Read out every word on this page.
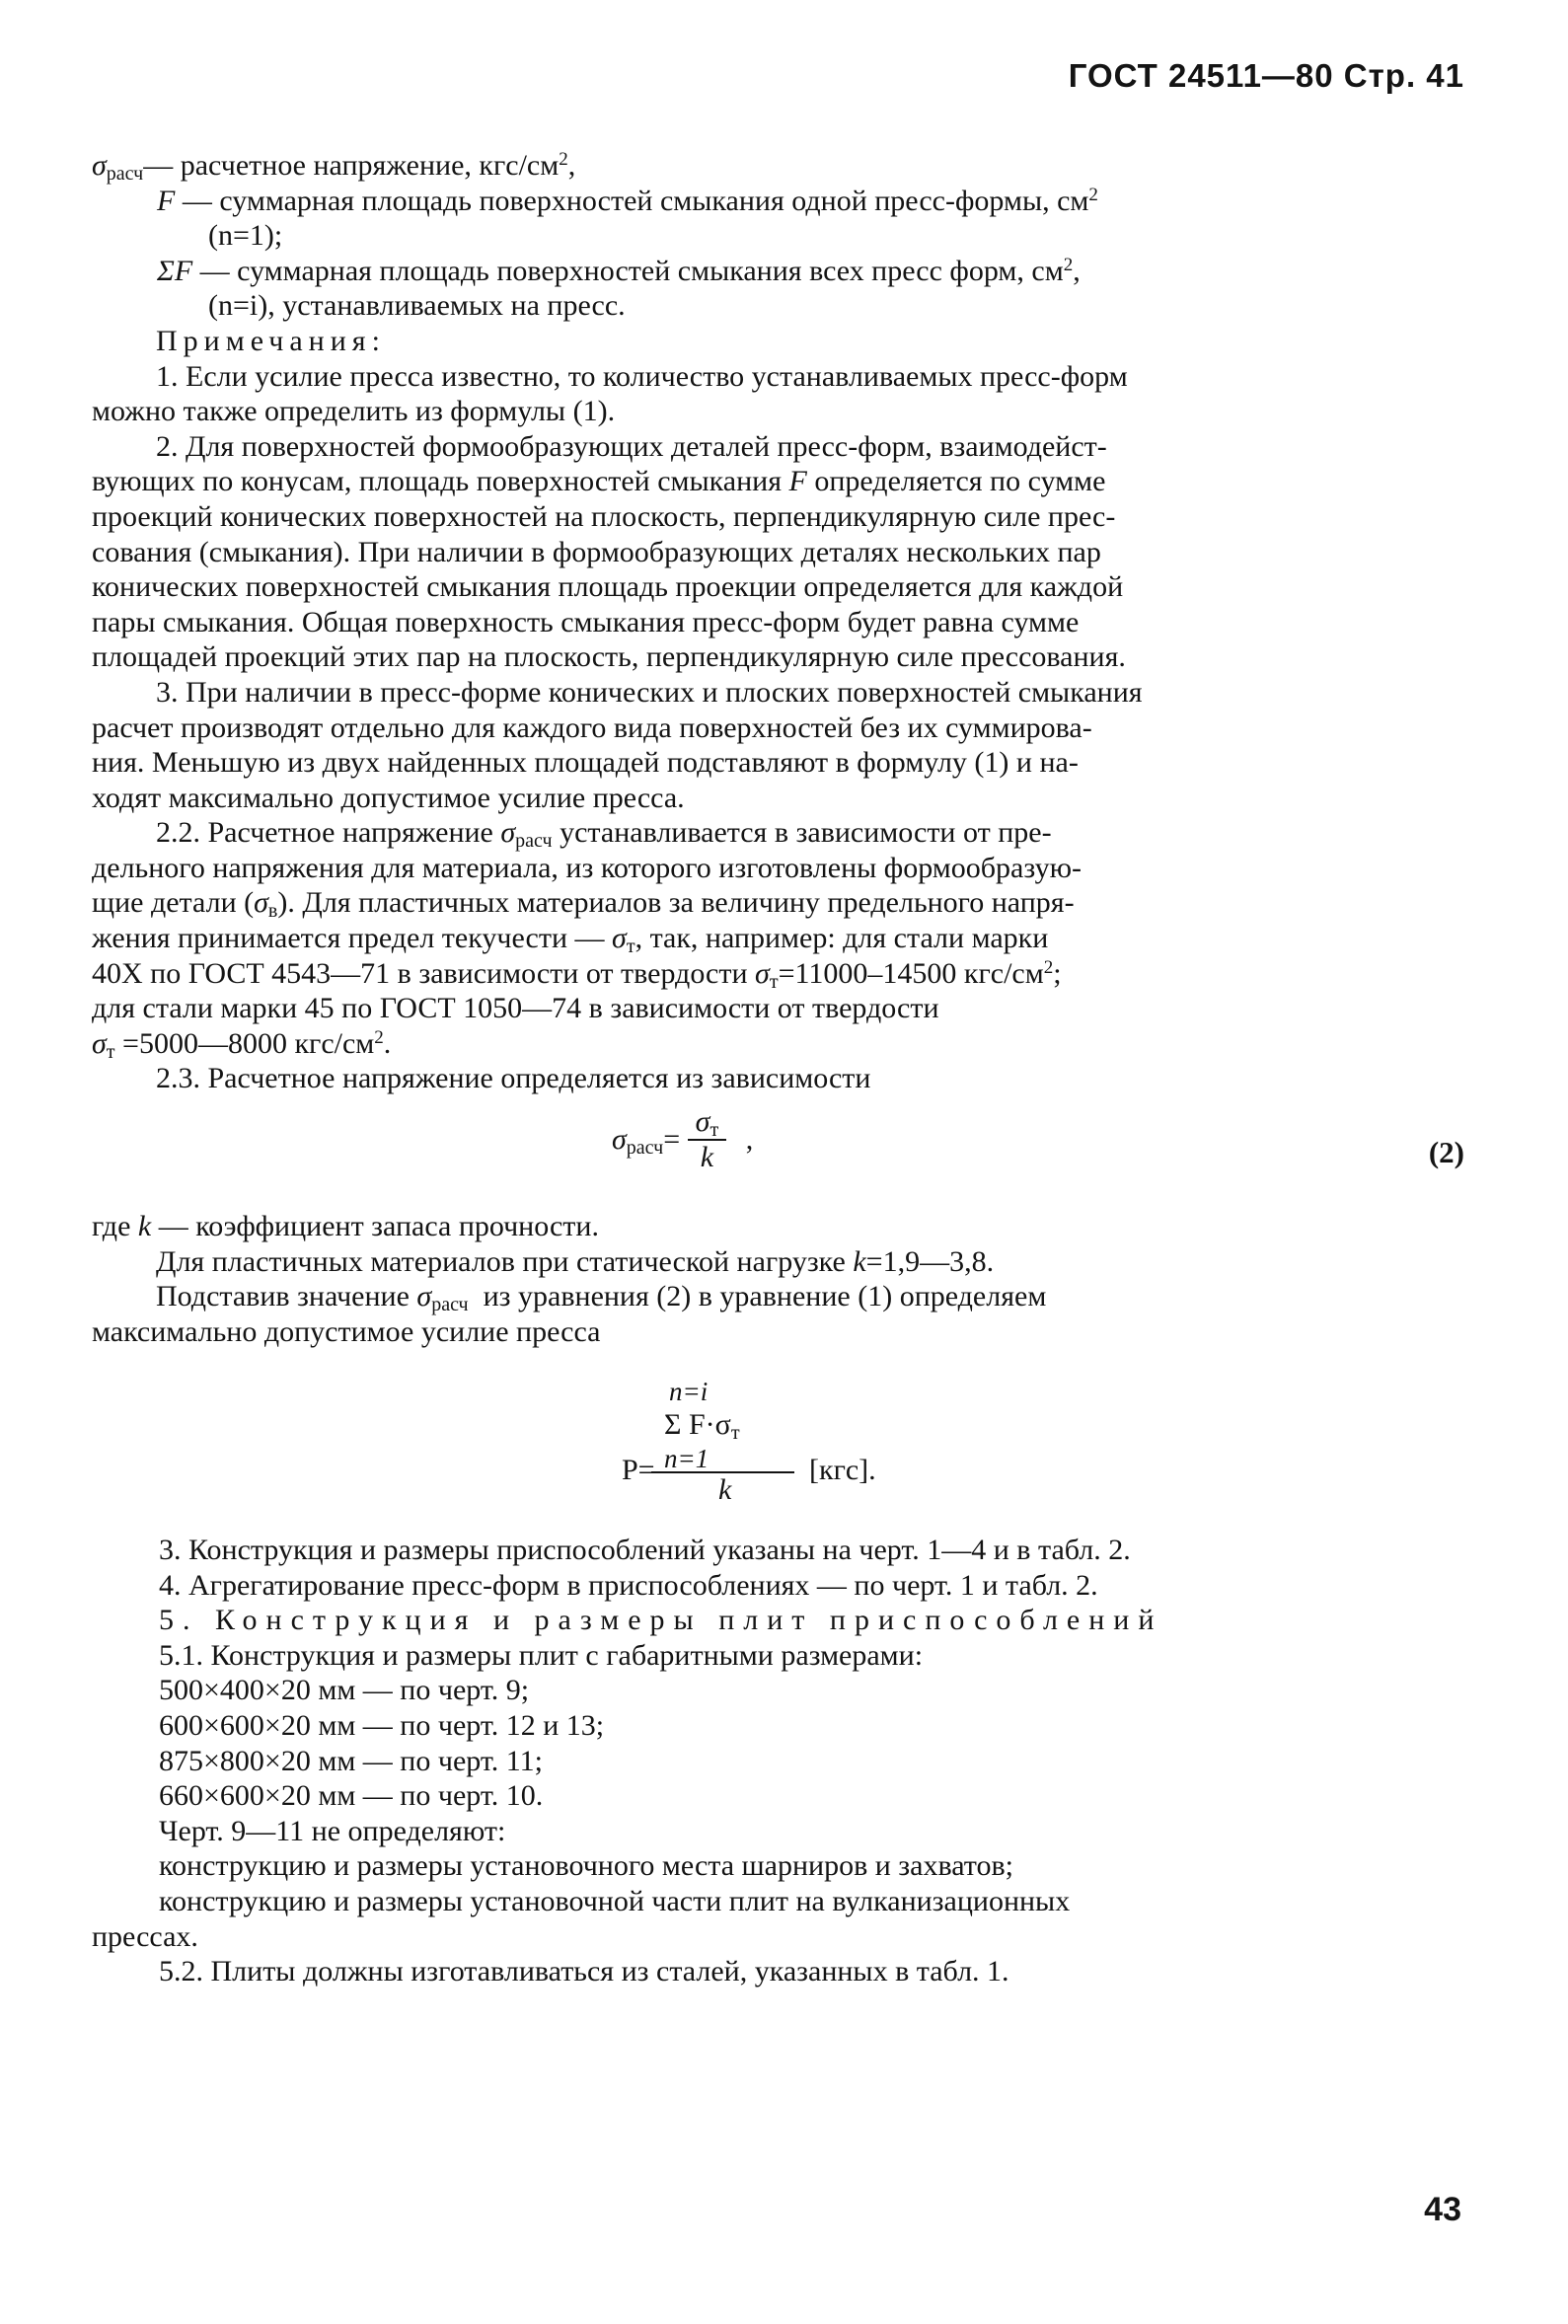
ГОСТ 24511—80 Стр. 41
$\sigma_{расч}—$ расчетное напряжение, кгс/$см^2$,
F — суммарная площадь поверхностей смыкания одной пресс-формы, $см^2$
(n=1);
ΣF — суммарная площадь поверхностей смыкания всех пресс форм, $см^2$,
(n=i), устанавливаемых на пресс.
Примечания:
1. Если усилие пресса известно, то количество устанавливаемых пресс-форм
можно также определить из формулы (1).
2. Для поверхностей формообразующих деталей пресс-форм, взаимодейст-
вующих по конусам, площадь поверхностей смыкания F определяется по сумме
проекций конических поверхностей на плоскость, перпендикулярную силе прес-
сования (смыкания). При наличии в формообразующих деталях нескольких пар
конических поверхностей смыкания площадь проекции определяется для каждой
пары смыкания. Общая поверхность смыкания пресс-форм будет равна сумме
площадей проекций этих пар на плоскость, перпендикулярную силе прессования.
3. При наличии в пресс-форме конических и плоских поверхностей смыкания
расчет производят отдельно для каждого вида поверхностей без их суммирова-
ния. Меньшую из двух найденных площадей подставляют в формулу (1) и на-
ходят максимально допустимое усилие пресса.
2.2. Расчетное напряжение $\sigma_{расч}$ устанавливается в зависимости от пре-
дельного напряжения для материала, из которого изготовлены формообразую-
щие детали $(\sigma_в)$. Для пластичных материалов за величину предельного напря-
жения принимается предел текучести — $\sigma_т$, так, например: для стали марки
40Х по ГОСТ 4543—71 в зависимости от твердости $\sigma_т=11000-14500$ кгс/$см^2$;
для стали марки 45 по ГОСТ 1050—74 в зависимости от твердости
$\sigma_т$ =5000—8000 кгс/$см^2$.
2.3. Расчетное напряжение определяется из зависимости
$\sigma_{расч}= \frac{\sigma_т}{k}$ ,	(2)
где k — коэффициент запаса прочности.
Для пластичных материалов при статической нагрузке k=1,9—3,8.
Подставив значение $\sigma_{расч}$ из уравнения (2) в уравнение (1) определяем
максимально допустимое усилие пресса
n=i
Σ $F\cdot\sigma_т$
n=1
P=
k
[кгс].
3. Конструкция и размеры приспособлений указаны на черт. 1—4 и в табл. 2.
4. Агрегатирование пресс-форм в приспособлениях — по черт. 1 и табл. 2.
5. Конструкция и размеры плит приспособлений
5.1. Конструкция и размеры плит с габаритными размерами:
500×400×20 мм — по черт. 9;
600×600×20 мм — по черт. 12 и 13;
875×800×20 мм — по черт. 11;
660×600×20 мм — по черт. 10.
Черт. 9—11 не определяют:
конструкцию и размеры установочного места шарниров и захватов;
конструкцию и размеры установочной части плит на вулканизационных
прессах.
5.2. Плиты должны изготавливаться из сталей, указанных в табл. 1.
43
